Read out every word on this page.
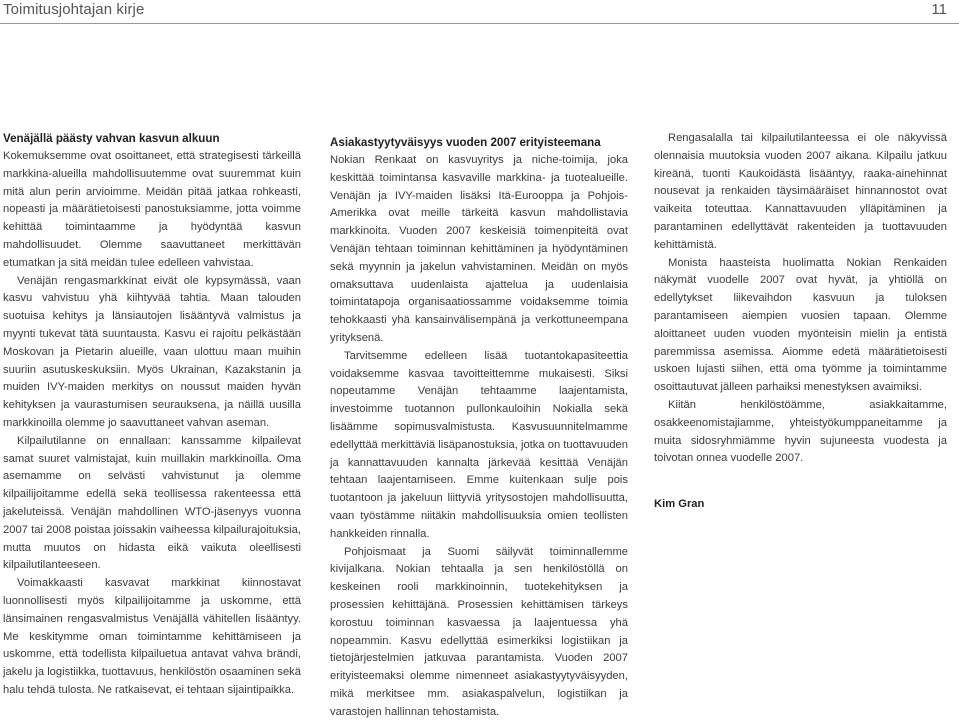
Toimitusjohtajan kirje	11
Venäjällä päästy vahvan kasvun alkuun

Kokemuksemme ovat osoittaneet, että strategisesti tärkeillä markkina-alueilla mahdollisuutemme ovat suuremmat kuin mitä alun perin arvioimme. Meidän pitää jatkaa rohkeasti, nopeasti ja määrätietoisesti panostuksiamme, jotta voimme kehittää toimintaamme ja hyödyntää kasvun mahdollisuudet. Olemme saavuttaneet merkittävän etumatkan ja sitä meidän tulee edelleen vahvistaa.

Venäjän rengasmarkkinat eivät ole kypsymässä, vaan kasvu vahvistuu yhä kiihtyvää tahtia. Maan talouden suotuisa kehitys ja länsiautojen lisääntyvä valmistus ja myynti tukevat tätä suuntausta. Kasvu ei rajoitu pelkästään Moskovan ja Pietarin alueille, vaan ulottuu maan muihin suuriin asutuskeskuksiin. Myös Ukrainan, Kazakstanin ja muiden IVY-maiden merkitys on noussut maiden hyvän kehityksen ja vaurastumisen seurauksena, ja näillä uusilla markkinoilla olemme jo saavuttaneet vahvan aseman.

Kilpailutilanne on ennallaan: kanssamme kilpailevat samat suuret valmistajat, kuin muillakin markkinoilla. Oma asemamme on selvästi vahvistunut ja olemme kilpailijoitamme edellä sekä teollisessa rakenteessa että jakeluteissä. Venäjän mahdollinen WTO-jäsenyys vuonna 2007 tai 2008 poistaa joissakin vaiheessa kilpailurajoituksia, mutta muutos on hidasta eikä vaikuta oleellisesti kilpailutilanteeseen.

Voimakkaasti kasvavat markkinat kiinnostavat luonnollisesti myös kilpailijoitamme ja uskomme, että länsimainen rengasvalmistus Venäjällä vähitellen lisääntyy. Me keskitymme oman toimintamme kehittämiseen ja uskomme, että todellista kilpailuetua antavat vahva brändi, jakelu ja logistiikka, tuottavuus, henkilöstön osaaminen sekä halu tehdä tulosta. Ne ratkaisevat, ei tehtaan sijaintipaikka.

Asiakastyytyväisyys vuoden 2007 erityisteemana

Nokian Renkaat on kasvuyritys ja niche-toimija, joka keskittää toimintansa kasvaville markkina- ja tuotealueille. Venäjän ja IVY-maiden lisäksi Itä-Eurooppa ja Pohjois-Amerikka ovat meille tärkeitä kasvun mahdollistavia markkinoita. Vuoden 2007 keskeisiä toimenpiteitä ovat Venäjän tehtaan toiminnan kehittäminen ja hyödyntäminen sekä myynnin ja jakelun vahvistaminen. Meidän on myös omaksuttava uudenlaista ajattelua ja uudenlaisia toimintatapoja organisaatiossamme voidaksemme toimia tehokkaasti yhä kansainvälisempänä ja verkottuneempana yrityksenä.

Tarvitsemme edelleen lisää tuotantokapasiteettia voidaksemme kasvaa tavoitteittemme mukaisesti. Siksi nopeutamme Venäjän tehtaamme laajentamista, investoimme tuotannon pullonkauloihin Nokialla sekä lisäämme sopimusvalmistusta. Kasvusuunnitelmamme edellyttää merkittäviä lisäpanostuksia, jotka on tuottavuuden ja kannattavuuden kannalta järkevää kesittää Venäjän tehtaan laajentamiseen. Emme kuitenkaan sulje pois tuotantoon ja jakeluun liittyviä yritysostojen mahdollisuutta, vaan työstämme niitäkin mahdollisuuksia omien teollisten hankkeiden rinnalla.

Pohjoismaat ja Suomi säilyvät toiminnallemme kivijalkana. Nokian tehtaalla ja sen henkilöstöllä on keskeinen rooli markkinoinnin, tuotekehityksen ja prosessien kehittäjänä. Prosessien kehittämisen tärkeys korostuu toiminnan kasvaessa ja laajentuessa yhä nopeammin. Kasvu edellyttää esimerkiksi logistiikan ja tietojärjestelmien jatkuvaa parantamista. Vuoden 2007 erityisteemaksi olemme nimenneet asiakastyytyväisyyden, mikä merkitsee mm. asiakaspalvelun, logistiikan ja varastojen hallinnan tehostamista.

Rengasalalla tai kilpailutilanteessa ei ole näkyvissä olennaisia muutoksia vuoden 2007 aikana. Kilpailu jatkuu kireänä, tuonti Kaukoidästä lisääntyy, raaka-ainehinnat nousevat ja renkaiden täysimääräiset hinnannostot ovat vaikeita toteuttaa. Kannattavuuden ylläpitäminen ja parantaminen edellyttävät rakenteiden ja tuottavuuden kehittämistä.

Monista haasteista huolimatta Nokian Renkaiden näkymät vuodelle 2007 ovat hyvät, ja yhtiöllä on edellytykset liikevaihdon kasvuun ja tuloksen parantamiseen aiempien vuosien tapaan. Olemme aloittaneet uuden vuoden myönteisin mielin ja entistä paremmissa asemissa. Aiomme edetä määrätietoisesti uskoen lujasti siihen, että oma työmme ja toimintamme osoittautuvat jälleen parhaiksi menestyksen avaimiksi.

Kiitän henkilöstöämme, asiakkaitamme, osakkeenomistajiamme, yhteistyökumppaneitamme ja muita sidosryhmiämme hyvin sujuneesta vuodesta ja toivotan onnea vuodelle 2007.

Kim Gran
